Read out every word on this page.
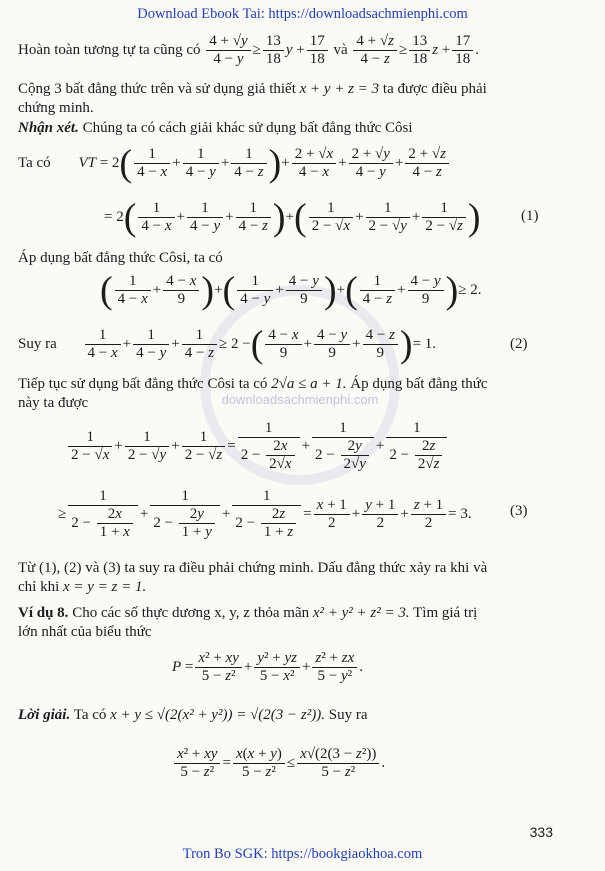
Download Ebook Tai: https://downloadsachmienphi.com
downloadsachmienphi.com
Hoàn toàn tương tự ta cũng có $\frac{4 + √y}{4 - y} \ge \frac{13}{18}$ $y + \frac{17}{18}$ và $\frac{4 + √z}{4 - z} \ge \frac{13}{18}$ $z + \frac{17}{18}$ .
Cộng 3 bất đẳng thức trên và sử dụng giả thiết x + y + z = 3 ta được điều phải
chứng minh.
Nhận xét. Chúng ta có cách giải khác sử dụng bất đẳng thức Côsi
Ta có VT = $2( \frac{1}{4 - x} + \frac{1}{4 - y} + \frac{1}{4 - z}$ )+ $\frac{2 + √x}{4 - x} + \frac{2 + √y}{4 - y} + \frac{2 + √z}{4 - z}$
= $2( \frac{1}{4 - x} + \frac{1}{4 - y} + \frac{1}{4 - z}$ )+( $\frac{1}{2 - √x} + \frac{1}{2 - √y} + \frac{1}{2 - √z}$ )	(1)
Áp dụng bất đẳng thức Côsi, ta có
( $\frac{1}{4 - x} + \frac{4 - x}{9}$ )+( $\frac{1}{4 - y} + \frac{4 - y}{9}$ )+( $\frac{1}{4 - z} + \frac{4 - y}{9}$ )≥ 2.
Suy ra $\frac{1}{4 - x} + \frac{1}{4 - y} + \frac{1}{4 - z} \ge 2$ −( $\frac{4 - x}{9} + \frac{4 - y}{9} + \frac{4 - z}{9}$ )= 1.	(2)
Tiếp tục sử dụng bất đẳng thức Côsi ta có 2√a ≤ a + 1. Áp dụng bất đẳng thức
này ta được
$\frac{1}{2 - √x} + \frac{1}{2 - √y} + \frac{1}{2 - √z} = \frac{1}{2 - \frac{2x}{2√x}} + \frac{1}{2 - \frac{2y}{2√y}} + \frac{1}{2 - \frac{2z}{2√z}}$
≥ $\frac{1}{2 - \frac{2x}{1 + x}} + \frac{1}{2 - \frac{2y}{1 + y}} + \frac{1}{2 - \frac{2z}{1 + z}} = \frac{x + 1}{2} + \frac{y + 1}{2} + \frac{z + 1}{2} = 3$.	(3)
Từ (1), (2) và (3) ta suy ra điều phải chứng minh. Dấu đẳng thức xảy ra khi và
chỉ khi x = y = z = 1.
Ví dụ 8. Cho các số thực dương x, y, z thỏa mãn x² + y² + z² = 3. Tìm giá trị
lớn nhất của biểu thức
$P = \frac{\text{x² + xy}}{\text{5 − z²}} + \frac{\text{y² + yz}}{\text{5 − x²}} + \frac{\text{z² + zx}}{\text{5 − y²}}$ .
Lời giải. Ta có x + y ≤ √(2(x² + y²)) = √(2(3 − z²)). Suy ra
$\frac{\text{x² + xy}}{\text{5 − z²}} = \frac{x(x + y)}{\text{5 − z²}} \le \frac{\text{x√(2(3 − z²))}}{\text{5 − z²}}$ .
333
Tron Bo SGK: https://bookgiaokhoa.com
